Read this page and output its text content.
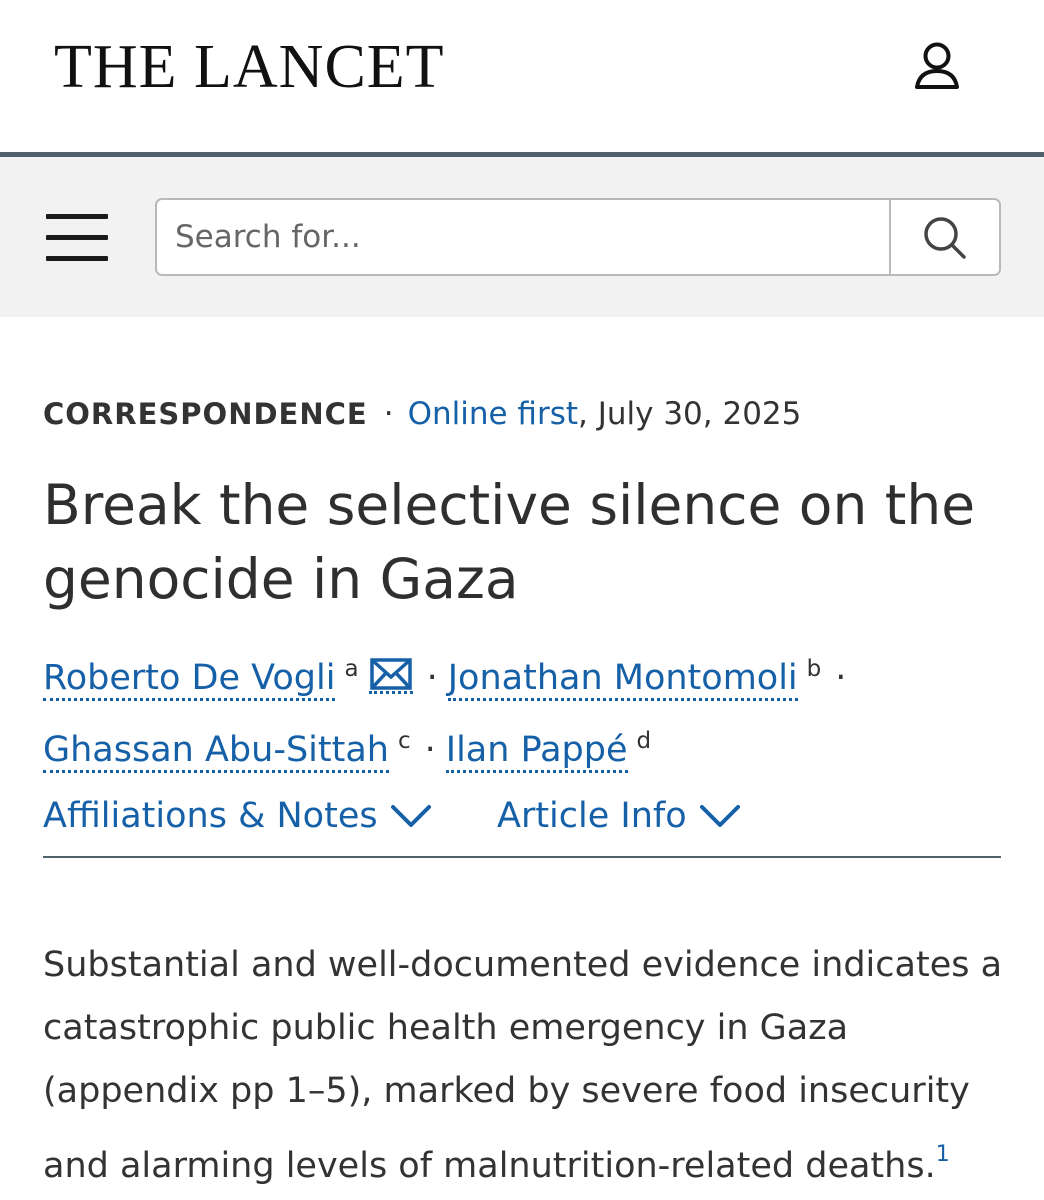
THE LANCET
Search for...
CORRESPONDENCE · Online first, July 30, 2025
Break the selective silence on the genocide in Gaza
Roberto De Vogli $^a$ · Jonathan Montomoli $^b$ ·
Ghassan Abu-Sittah $^c$ · Ilan Pappé $^d$
Affiliations & Notes	Article Info

Substantial and well-documented evidence indicates a catastrophic public health emergency in Gaza (appendix pp 1–5), marked by severe food insecurity and alarming levels of malnutrition-related deaths.$^1$
